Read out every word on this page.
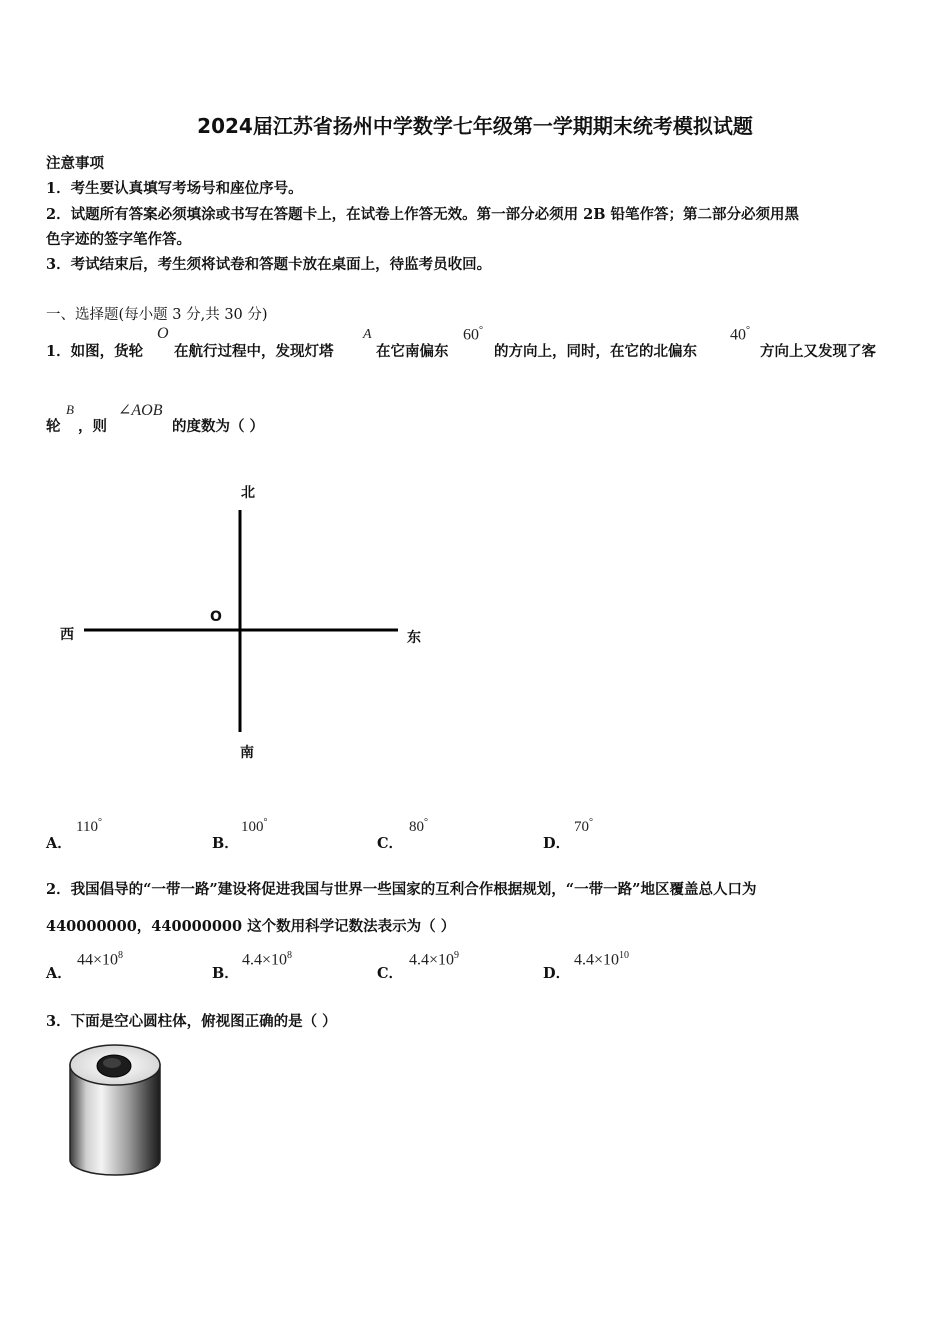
2024届江苏省扬州中学数学七年级第一学期期末统考模拟试题
注意事项
1．考生要认真填写考场号和座位序号。
2．试题所有答案必须填涂或书写在答题卡上，在试卷上作答无效。第一部分必须用 2B 铅笔作答；第二部分必须用黑
色字迹的签字笔作答。
3．考试结束后，考生须将试卷和答题卡放在桌面上，待监考员收回。
一、选择题(每小题 3 分,共 30 分)
1．如图，货轮
O
在航行过程中，发现灯塔
A
在它南偏东
60°
的方向上，同时，在它的北偏东
40°
方向上又发现了客
轮
B
，则
∠AOB
的度数为（ ）
北
南
西	东
O
A．
110°
B．
100°
C．
80°
D．
70°
2．我国倡导的“一带一路”建设将促进我国与世界一些国家的互利合作根据规划，“一带一路”地区覆盖总人口为
440000000，440000000 这个数用科学记数法表示为（ ）
A．
$44\times 10^8$
B．
$4.4\times 10^8$
C．
$4.4\times 10^9$
D．
$4.4\times 10^{10}$
3．下面是空心圆柱体，俯视图正确的是（ ）
